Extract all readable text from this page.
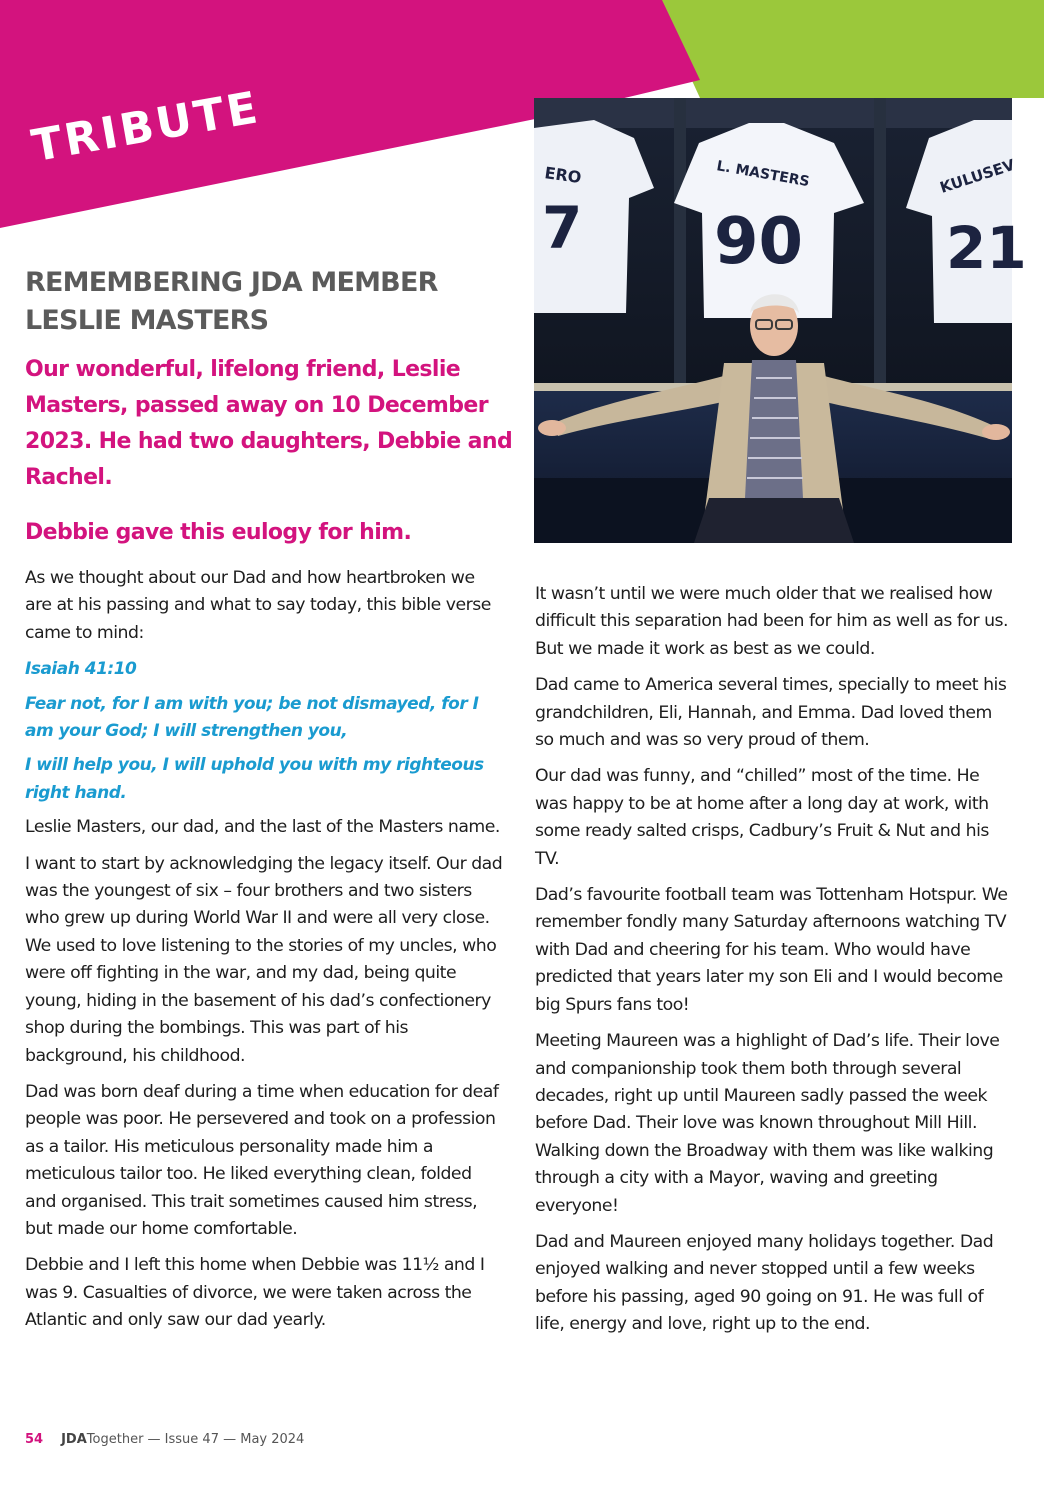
TRIBUTE
ERO
7
L. MASTERS
90
KULUSEV
21
REMEMBERING JDA MEMBER LESLIE MASTERS

Our wonderful, lifelong friend, Leslie Masters, passed away on 10 December 2023. He had two daughters, Debbie and Rachel.

Debbie gave this eulogy for him.

As we thought about our Dad and how heartbroken we are at his passing and what to say today, this bible verse came to mind:

Isaiah 41:10

Fear not, for I am with you; be not dismayed, for I am your God; I will strengthen you,

I will help you, I will uphold you with my righteous right hand.

Leslie Masters, our dad, and the last of the Masters name.

I want to start by acknowledging the legacy itself. Our dad was the youngest of six – four brothers and two sisters who grew up during World War II and were all very close. We used to love listening to the stories of my uncles, who were off fighting in the war, and my dad, being quite young, hiding in the basement of his dad’s confectionery shop during the bombings. This was part of his background, his childhood.

Dad was born deaf during a time when education for deaf people was poor. He persevered and took on a profession as a tailor. His meticulous personality made him a meticulous tailor too. He liked everything clean, folded and organised. This trait sometimes caused him stress, but made our home comfortable.

Debbie and I left this home when Debbie was 11½ and I was 9. Casualties of divorce, we were taken across the Atlantic and only saw our dad yearly.

It wasn’t until we were much older that we realised how difficult this separation had been for him as well as for us. But we made it work as best as we could.

Dad came to America several times, specially to meet his grandchildren, Eli, Hannah, and Emma. Dad loved them so much and was so very proud of them.

Our dad was funny, and “chilled” most of the time. He was happy to be at home after a long day at work, with some ready salted crisps, Cadbury’s Fruit & Nut and his TV.

Dad’s favourite football team was Tottenham Hotspur. We remember fondly many Saturday afternoons watching TV with Dad and cheering for his team. Who would have predicted that years later my son Eli and I would become big Spurs fans too!

Meeting Maureen was a highlight of Dad’s life. Their love and companionship took them both through several decades, right up until Maureen sadly passed the week before Dad. Their love was known throughout Mill Hill. Walking down the Broadway with them was like walking through a city with a Mayor, waving and greeting everyone!

Dad and Maureen enjoyed many holidays together. Dad enjoyed walking and never stopped until a few weeks before his passing, aged 90 going on 91. He was full of life, energy and love, right up to the end.

54 JDATogether — Issue 47 — May 2024
